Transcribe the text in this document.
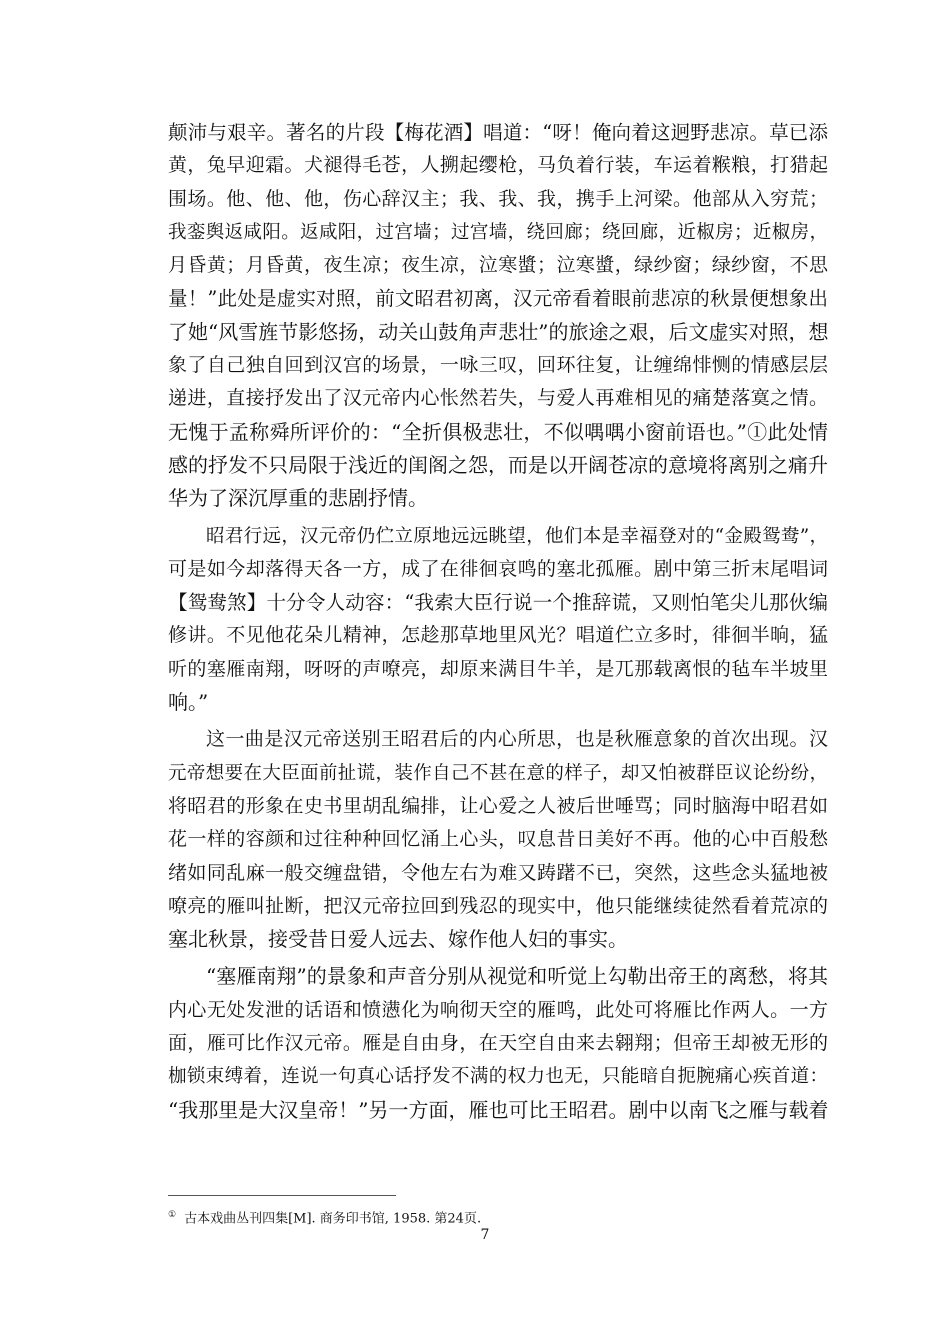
颠沛与艰辛。著名的片段【梅花酒】唱道：“呀！俺向着这迥野悲凉。草已添
黄，兔早迎霜。犬褪得毛苍，人搠起缨枪，马负着行装，车运着糇粮，打猎起
围场。他、他、他，伤心辞汉主；我、我、我，携手上河梁。他部从入穷荒；
我銮舆返咸阳。返咸阳，过宫墙；过宫墙，绕回廊；绕回廊，近椒房；近椒房，
月昏黄；月昏黄，夜生凉；夜生凉，泣寒螿；泣寒螿，绿纱窗；绿纱窗，不思
量！”此处是虚实对照，前文昭君初离，汉元帝看着眼前悲凉的秋景便想象出
了她“风雪旌节影悠扬，动关山鼓角声悲壮”的旅途之艰，后文虚实对照，想
象了自己独自回到汉宫的场景，一咏三叹，回环往复，让缠绵悱恻的情感层层
递进，直接抒发出了汉元帝内心怅然若失，与爱人再难相见的痛楚落寞之情。
无愧于孟称舜所评价的：“全折俱极悲壮，不似喁喁小窗前语也。”①此处情
感的抒发不只局限于浅近的闺阁之怨，而是以开阔苍凉的意境将离别之痛升
华为了深沉厚重的悲剧抒情。
昭君行远，汉元帝仍伫立原地远远眺望，他们本是幸福登对的“金殿鸳鸯”，
可是如今却落得天各一方，成了在徘徊哀鸣的塞北孤雁。剧中第三折末尾唱词
【鸳鸯煞】十分令人动容：“我索大臣行说一个推辞谎，又则怕笔尖儿那伙编
修讲。不见他花朵儿精神，怎趁那草地里风光？唱道伫立多时，徘徊半晌，猛
听的塞雁南翔，呀呀的声嘹亮，却原来满目牛羊，是兀那载离恨的毡车半坡里
响。”
这一曲是汉元帝送别王昭君后的内心所思，也是秋雁意象的首次出现。汉
元帝想要在大臣面前扯谎，装作自己不甚在意的样子，却又怕被群臣议论纷纷，
将昭君的形象在史书里胡乱编排，让心爱之人被后世唾骂；同时脑海中昭君如
花一样的容颜和过往种种回忆涌上心头，叹息昔日美好不再。他的心中百般愁
绪如同乱麻一般交缠盘错，令他左右为难又踌躇不已，突然，这些念头猛地被
嘹亮的雁叫扯断，把汉元帝拉回到残忍的现实中，他只能继续徒然看着荒凉的
塞北秋景，接受昔日爱人远去、嫁作他人妇的事实。
“塞雁南翔”的景象和声音分别从视觉和听觉上勾勒出帝王的离愁，将其
内心无处发泄的话语和愤懑化为响彻天空的雁鸣，此处可将雁比作两人。一方
面，雁可比作汉元帝。雁是自由身，在天空自由来去翱翔；但帝王却被无形的
枷锁束缚着，连说一句真心话抒发不满的权力也无，只能暗自扼腕痛心疾首道：
“我那里是大汉皇帝！”另一方面，雁也可比王昭君。剧中以南飞之雁与载着
① 古本戏曲丛刊四集[M]. 商务印书馆, 1958. 第24页.
7
